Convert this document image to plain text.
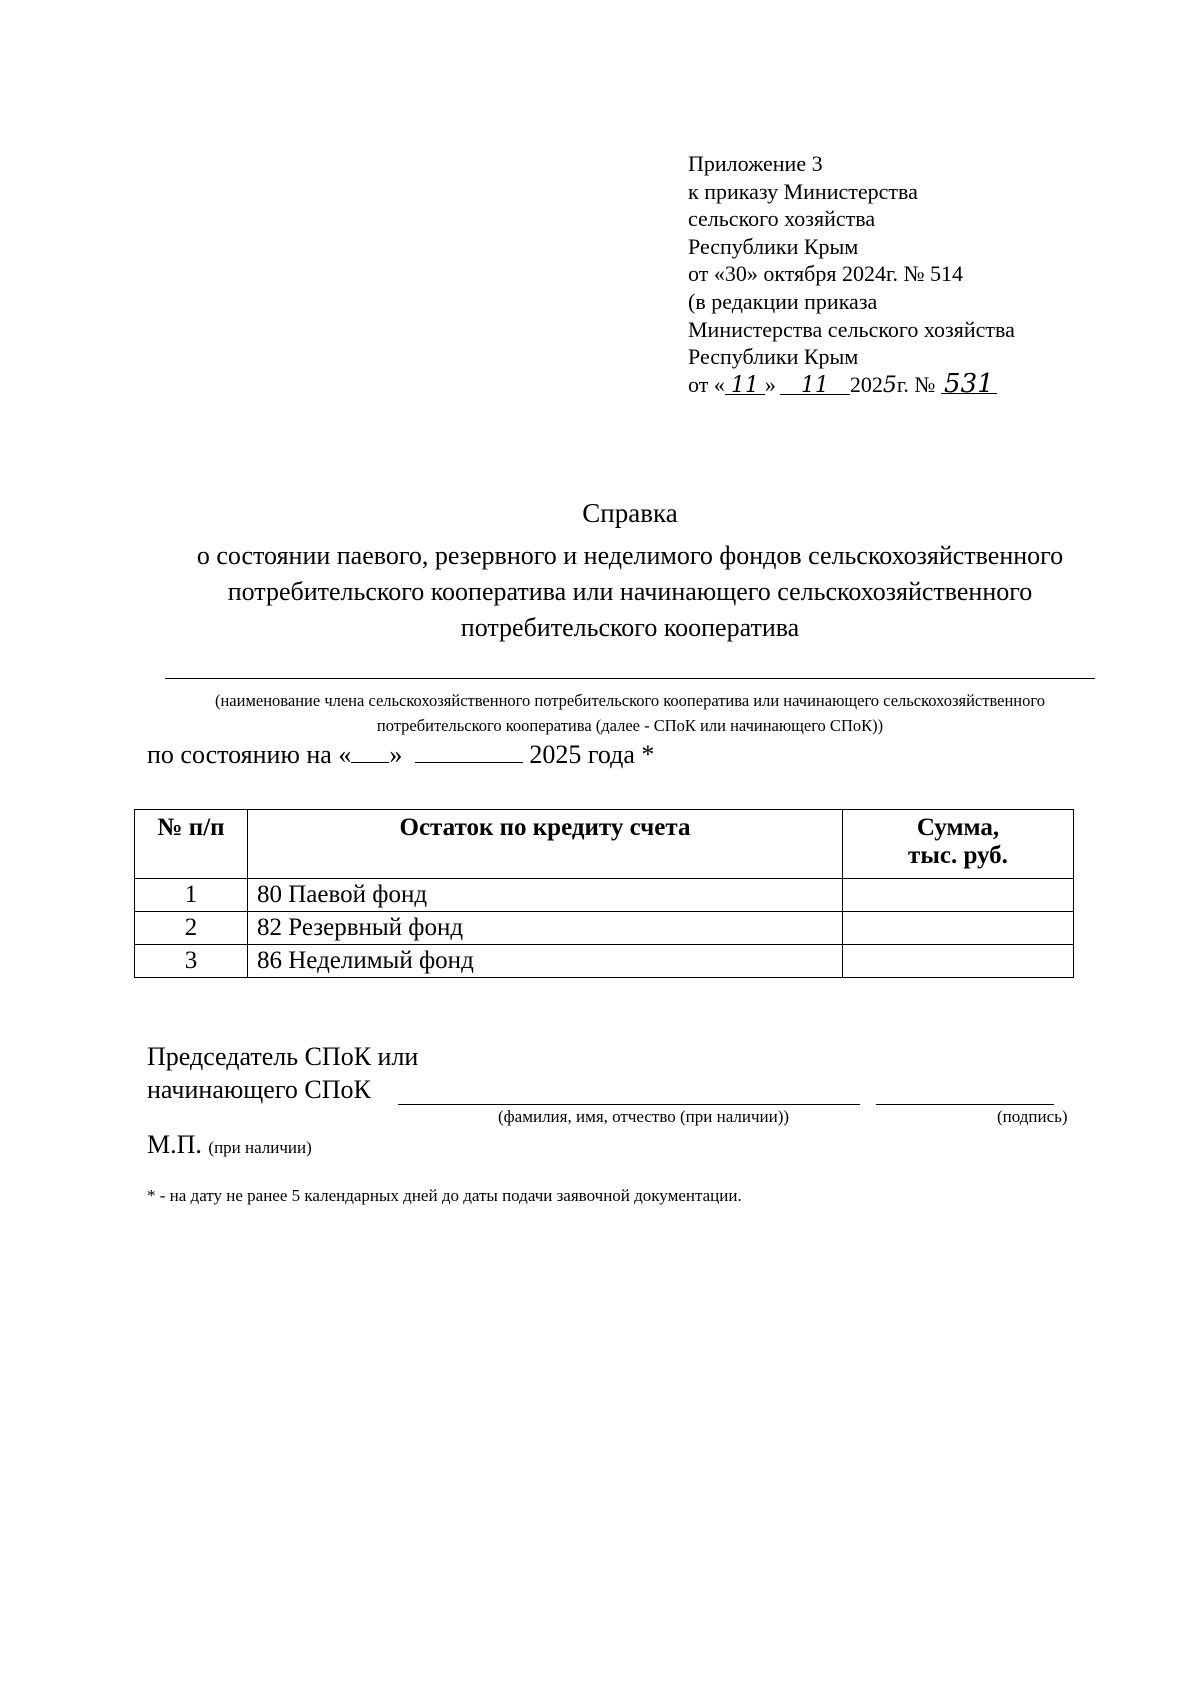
Приложение 3
к приказу Министерства
сельского хозяйства
Республики Крым
от «30» октября 2024г. № 514
(в редакции приказа
Министерства сельского хозяйства
Республики Крым
от « 11 » 11 2025г. № 531
Справка
о состоянии паевого, резервного и неделимого фондов сельскохозяйственного потребительского кооператива или начинающего сельскохозяйственного потребительского кооператива
(наименование члена сельскохозяйственного потребительского кооператива или начинающего сельскохозяйственного потребительского кооператива (далее - СПоК или начинающего СПоК))
по состоянию на « »	2025 года *
№ п/п	Остаток по кредиту счета	Сумма, тыс. руб.
1	80 Паевой фонд	
2	82 Резервный фонд	
3	86 Неделимый фонд	
Председатель СПоК или
начинающего СПоК
(фамилия, имя, отчество (при наличии))	(подпись)
М.П. (при наличии)
* - на дату не ранее 5 календарных дней до даты подачи заявочной документации.
